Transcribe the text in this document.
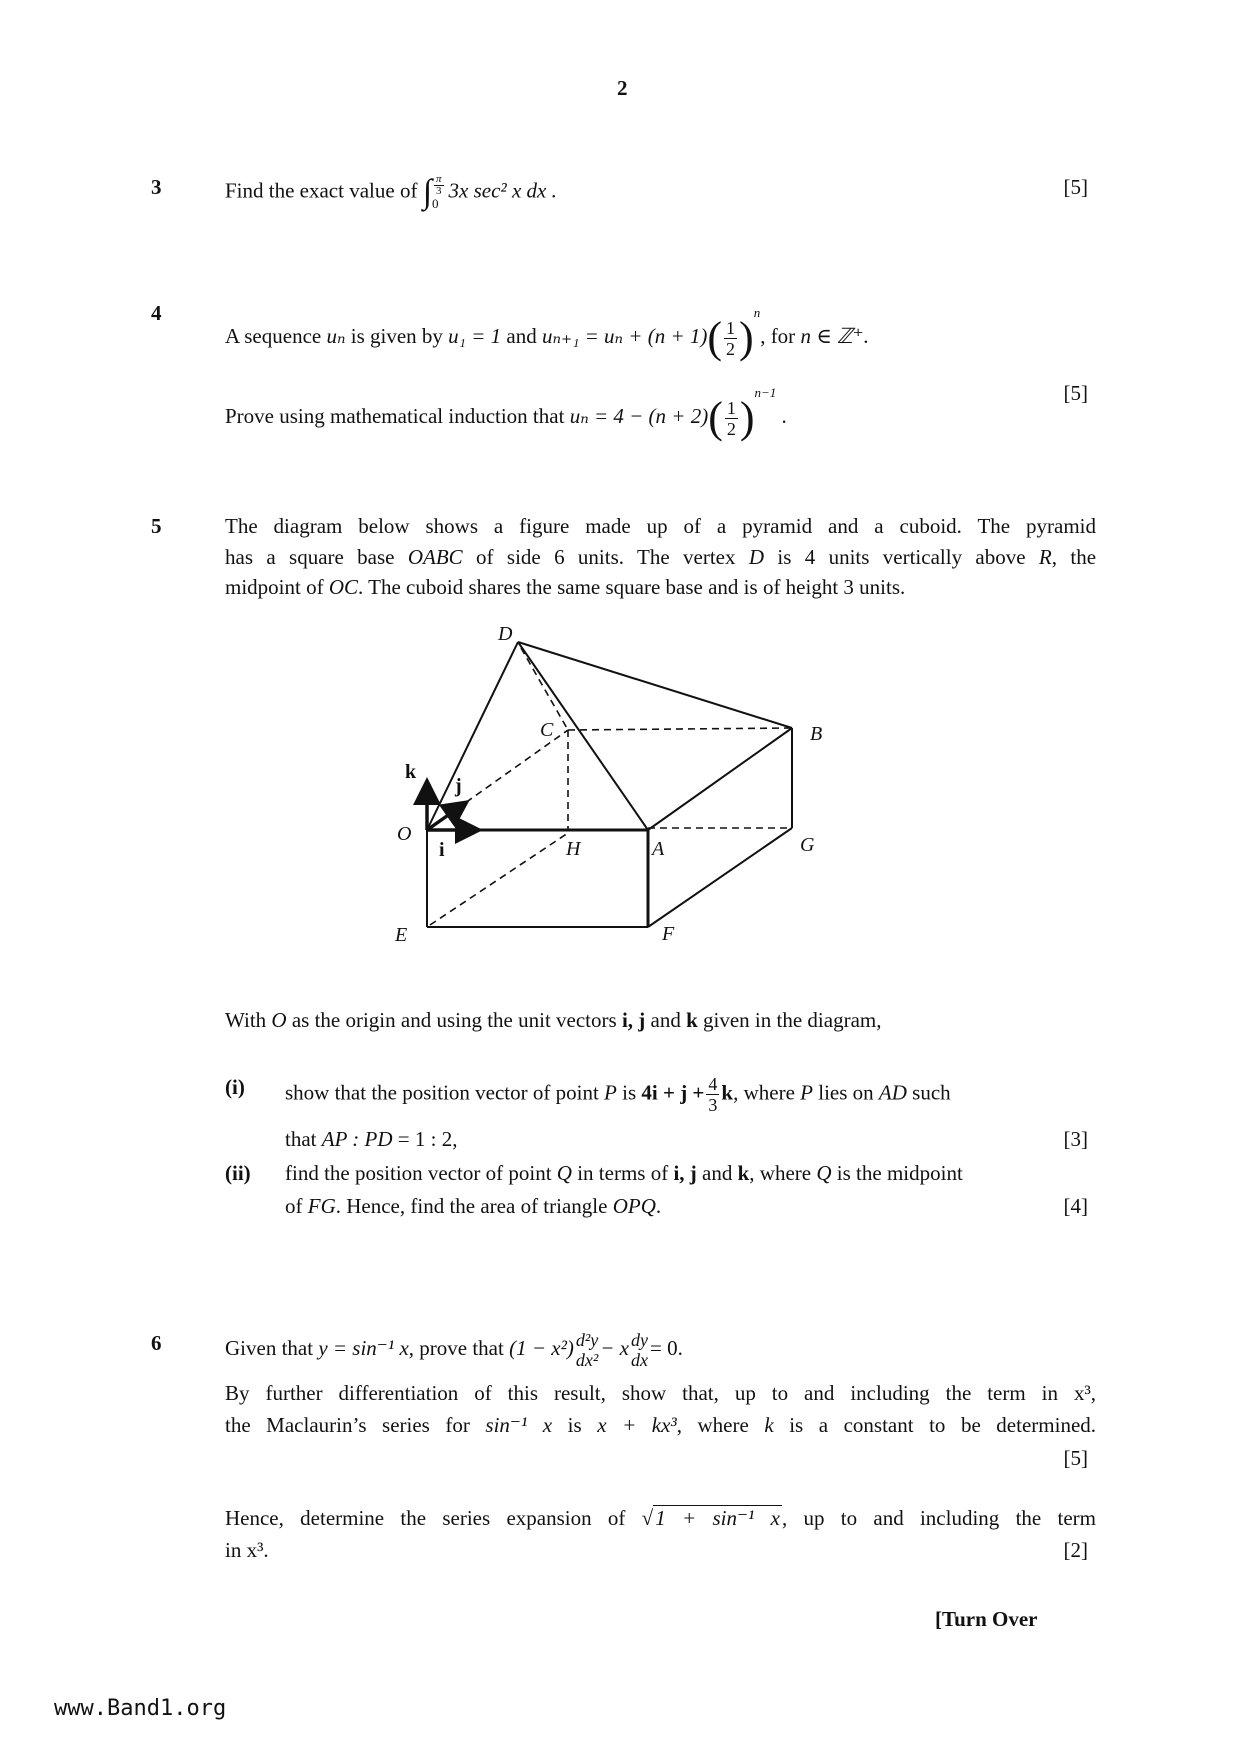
2
3	Find the exact value of ∫ $\frac{\pi}{3}$
0
3x sec² x dx .	[5]
4
A sequence uₙ is given by u₁ = 1 and $u_{n+1} = u_n + (n + 1)( \frac{1}{2} )^n$, for n ∈ ℤ⁺.
Prove using mathematical induction that $u_n = 4 - (n + 2)( \frac{1}{2} )^{n-1}$ .
[5]
5	The diagram below shows a figure made up of a pyramid and a cuboid. The pyramid
has a square base OABC of side 6 units. The vertex D is 4 units vertically above R, the
midpoint of OC. The cuboid shares the same square base and is of height 3 units.
D
C	B
O
H	A	G
E	F
k
j
i
With O as the origin and using the unit vectors i, j and k given in the diagram,
(i) show that the position vector of point P is $4i + j + \frac{4}{3} k$, where P lies on AD such
that AP : PD = 1 : 2,	[3]
(ii) find the position vector of point Q in terms of i, j and k, where Q is the midpoint
of FG. Hence, find the area of triangle OPQ.	[4]
6	Given that y = sin⁻¹ x, prove that (1 − x²) d²y
dx²
− x dy
dx
= 0.
By further differentiation of this result, show that, up to and including the term in x³,
the Maclaurin’s series for sin⁻¹ x is x + kx³, where k is a constant to be determined.
[5]
Hence, determine the series expansion of √1 + sin⁻¹ x, up to and including the term
in x³.	[2]
[Turn Over
www.Band1.org
